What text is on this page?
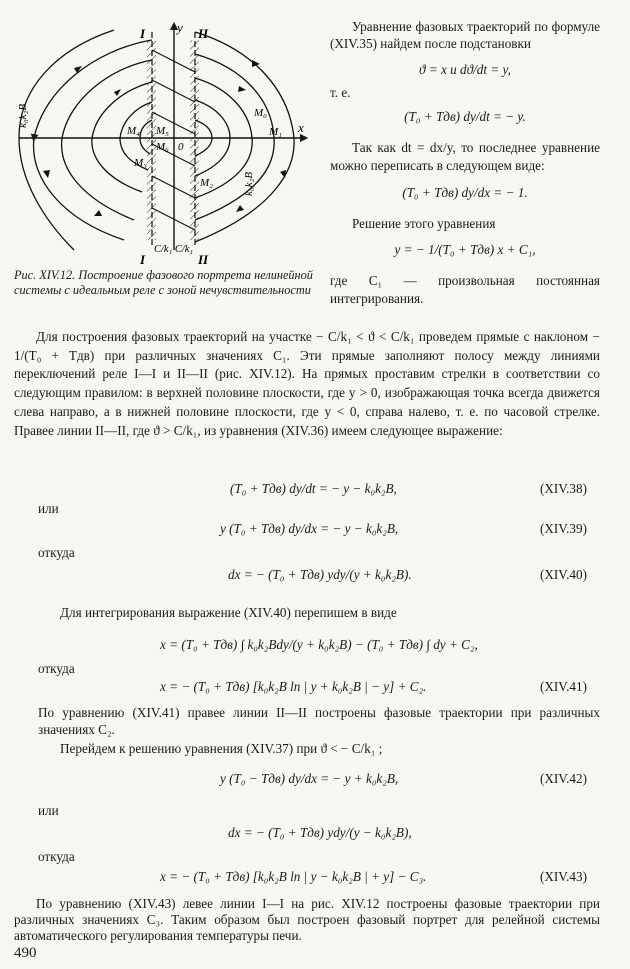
I	II
y
x
I	II
C/k₁ C/k₁
k₀k₂B
k₀k₂B
M₀
M₁
M₂
M₃
M₄ M₅
M₆ 0
Рис. XIV.12. Построение фазового портрета нелинейной системы с идеальным реле с зоной нечувствительности

Уравнение фазовых траекторий по формуле (XIV.35) найдем после подстановки

ϑ = x и dϑ/dt = y,

т. е.

(T₀ + Tдв) dy/dt = − y.

Так как dt = dx/y, то последнее уравнение можно переписать в следующем виде:

(T₀ + Tдв) dy/dx = − 1.

Решение этого уравнения

y = − 1/(T₀ + Tдв) x + C₁,

где C₁ — произвольная постоянная интегрирования.

Для построения фазовых траекторий на участке − C/k₁ < ϑ < C/k₁ проведем прямые с наклоном − 1/(T₀ + Tдв) при различных значениях C₁. Эти прямые заполняют полосу между линиями переключений реле I—I и II—II (рис. XIV.12). На прямых проставим стрелки в соответствии со следующим правилом: в верхней половине плоскости, где y > 0, изображающая точка всегда движется слева направо, а в нижней половине плоскости, где y < 0, справа налево, т. е. по часовой стрелке. Правее линии II—II, где ϑ > C/k₁, из уравнения (XIV.36) имеем следующее выражение:

(T₀ + Tдв) dy/dt = − y − k₀k₂B,	(XIV.38)
или
y (T₀ + Tдв) dy/dx = − y − k₀k₂B,	(XIV.39)
откуда
dx = − (T₀ + Tдв) ydy/(y + k₀k₂B).	(XIV.40)
Для интегрирования выражение (XIV.40) перепишем в виде
x = (T₀ + Tдв) ∫ k₀k₂Bdy/(y + k₀k₂B) − (T₀ + Tдв) ∫ dy + C₂,
откуда
x = − (T₀ + Tдв) [k₀k₂B ln | y + k₀k₂B | − y] + C₂.	(XIV.41)
По уравнению (XIV.41) правее линии II—II построены фазовые траектории при различных значениях C₂.
Перейдем к решению уравнения (XIV.37) при ϑ < − C/k₁ ;
y (T₀ − Tдв) dy/dx = − y + k₀k₂B,	(XIV.42)
или
dx = − (T₀ + Tдв) ydy/(y − k₀k₂B),
откуда
x = − (T₀ + Tдв) [k₀k₂B ln | y − k₀k₂B | + y] − C₃.	(XIV.43)
По уравнению (XIV.43) левее линии I—I на рис. XIV.12 построены фазовые траектории при различных значениях C₃. Таким образом был построен фазовый портрет для релейной системы автоматического регулирования температуры печи.
490
